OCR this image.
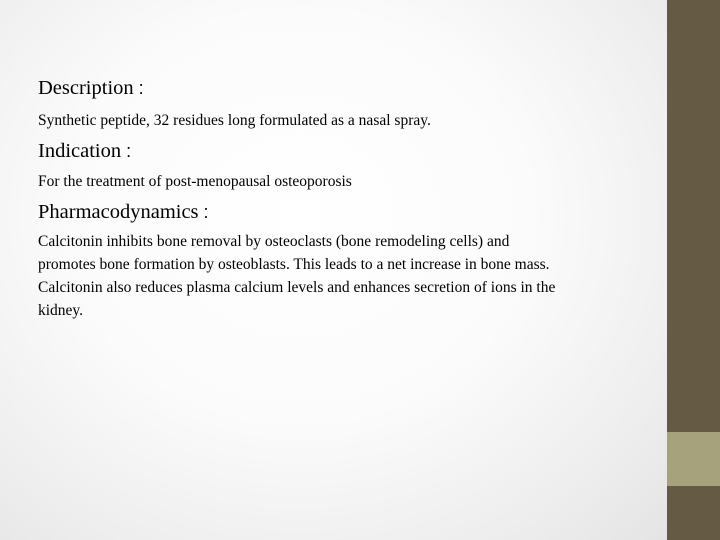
Description :

Synthetic peptide, 32 residues long formulated as a nasal spray.

Indication :

For the treatment of post-menopausal osteoporosis

Pharmacodynamics :
Calcitonin inhibits bone removal by osteoclasts (bone remodeling cells) and
promotes bone formation by osteoblasts. This leads to a net increase in bone mass.
Calcitonin also reduces plasma calcium levels and enhances secretion of ions in the
kidney.
